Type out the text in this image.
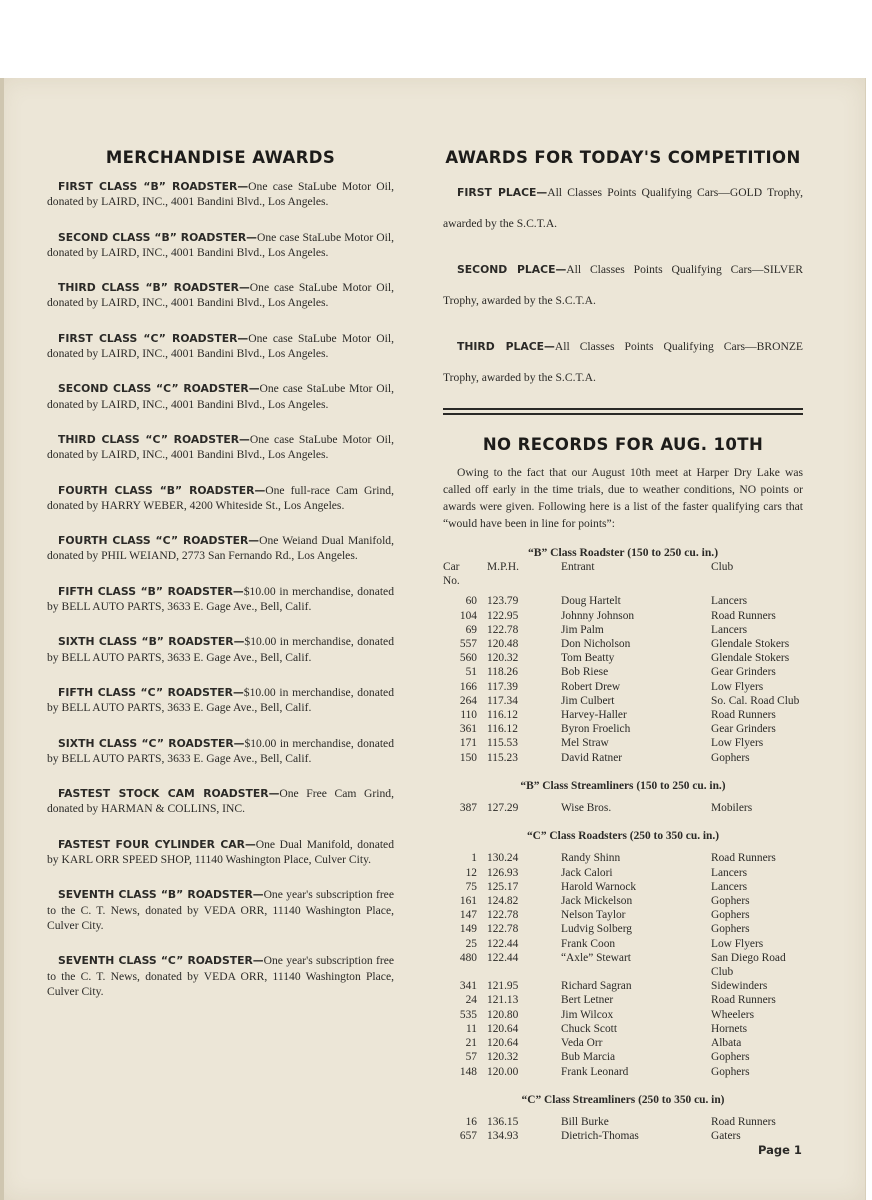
MERCHANDISE AWARDS

FIRST CLASS “B” ROADSTER—One case StaLube Motor Oil, donated by LAIRD, INC., 4001 Bandini Blvd., Los Angeles.

SECOND CLASS “B” ROADSTER—One case StaLube Motor Oil, donated by LAIRD, INC., 4001 Bandini Blvd., Los Angeles.

THIRD CLASS “B” ROADSTER—One case StaLube Motor Oil, donated by LAIRD, INC., 4001 Bandini Blvd., Los Angeles.

FIRST CLASS “C” ROADSTER—One case StaLube Motor Oil, donated by LAIRD, INC., 4001 Bandini Blvd., Los Angeles.

SECOND CLASS “C” ROADSTER—One case StaLube Mtor Oil, donated by LAIRD, INC., 4001 Bandini Blvd., Los Angeles.

THIRD CLASS “C” ROADSTER—One case StaLube Motor Oil, donated by LAIRD, INC., 4001 Bandini Blvd., Los Angeles.

FOURTH CLASS “B” ROADSTER—One full-race Cam Grind, donated by HARRY WEBER, 4200 Whiteside St., Los Angeles.

FOURTH CLASS “C” ROADSTER—One Weiand Dual Manifold, donated by PHIL WEIAND, 2773 San Fernando Rd., Los Angeles.

FIFTH CLASS “B” ROADSTER—$10.00 in merchandise, donated by BELL AUTO PARTS, 3633 E. Gage Ave., Bell, Calif.

SIXTH CLASS “B” ROADSTER—$10.00 in merchandise, donated by BELL AUTO PARTS, 3633 E. Gage Ave., Bell, Calif.

FIFTH CLASS “C” ROADSTER—$10.00 in merchandise, donated by BELL AUTO PARTS, 3633 E. Gage Ave., Bell, Calif.

SIXTH CLASS “C” ROADSTER—$10.00 in merchandise, donated by BELL AUTO PARTS, 3633 E. Gage Ave., Bell, Calif.

FASTEST STOCK CAM ROADSTER—One Free Cam Grind, donated by HARMAN & COLLINS, INC.

FASTEST FOUR CYLINDER CAR—One Dual Manifold, donated by KARL ORR SPEED SHOP, 11140 Washington Place, Culver City.

SEVENTH CLASS “B” ROADSTER—One year's subscription free to the C. T. News, donated by VEDA ORR, 11140 Washington Place, Culver City.

SEVENTH CLASS “C” ROADSTER—One year's subscription free to the C. T. News, donated by VEDA ORR, 11140 Washington Place, Culver City.

AWARDS FOR TODAY'S COMPETITION

FIRST PLACE—All Classes Points Qualifying Cars—GOLD Trophy, awarded by the S.C.T.A.

SECOND PLACE—All Classes Points Qualifying Cars—SILVER Trophy, awarded by the S.C.T.A.

THIRD PLACE—All Classes Points Qualifying Cars—BRONZE Trophy, awarded by the S.C.T.A.

NO RECORDS FOR AUG. 10TH

Owing to the fact that our August 10th meet at Harper Dry Lake was called off early in the time trials, due to weather conditions, NO points or awards were given. Following here is a list of the faster qualifying cars that “would have been in line for points”:

“B” Class Roadster (150 to 250 cu. in.)
Car
No.	M.P.H.	Entrant	Club
60	123.79	Doug Hartelt	Lancers
104	122.95	Johnny Johnson	Road Runners
69	122.78	Jim Palm	Lancers
557	120.48	Don Nicholson	Glendale Stokers
560	120.32	Tom Beatty	Glendale Stokers
51	118.26	Bob Riese	Gear Grinders
166	117.39	Robert Drew	Low Flyers
264	117.34	Jim Culbert	So. Cal. Road Club
110	116.12	Harvey-Haller	Road Runners
361	116.12	Byron Froelich	Gear Grinders
171	115.53	Mel Straw	Low Flyers
150	115.23	David Ratner	Gophers
“B” Class Streamliners (150 to 250 cu. in.)			
387	127.29	Wise Bros.	Mobilers
“C” Class Roadsters (250 to 350 cu. in.)			
1	130.24	Randy Shinn	Road Runners
12	126.93	Jack Calori	Lancers
75	125.17	Harold Warnock	Lancers
161	124.82	Jack Mickelson	Gophers
147	122.78	Nelson Taylor	Gophers
149	122.78	Ludvig Solberg	Gophers
25	122.44	Frank Coon	Low Flyers
480	122.44	“Axle” Stewart	San Diego Road Club
341	121.95	Richard Sagran	Sidewinders
24	121.13	Bert Letner	Road Runners
535	120.80	Jim Wilcox	Wheelers
11	120.64	Chuck Scott	Hornets
21	120.64	Veda Orr	Albata
57	120.32	Bub Marcia	Gophers
148	120.00	Frank Leonard	Gophers
“C” Class Streamliners (250 to 350 cu. in)			
16	136.15	Bill Burke	Road Runners
657	134.93	Dietrich-Thomas	Gaters
Page 1
